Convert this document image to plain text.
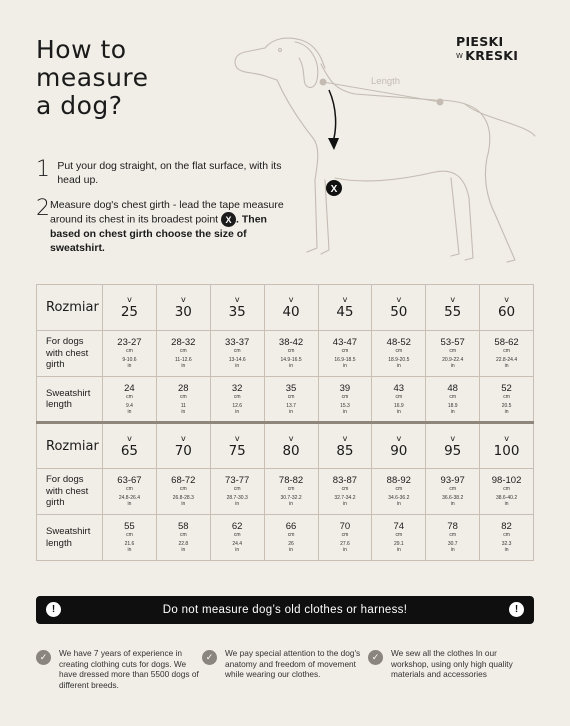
How to
measure
a dog?
PIESKI
W KRESKI
Length
X
1 Put your dog straight, on the flat surface, with its head up.
2 Measure dog's chest girth - lead the tape measure around its chest in its broadest point X . Then based on chest girth choose the size of sweatshirt.
Rozmiar	v
25	v
30	v
35	v
40	v
45	v
50	v
55	v
60
For dogs with chest girth	23-27
cm
9-10.6
in	28-32
cm
11-12.6
in	33-37
cm
13-14.6
in	38-42
cm
14.9-16.5
in	43-47
cm
16.9-18.5
in	48-52
cm
18.9-20.5
in	53-57
cm
20.9-22.4
in	58-62
cm
22.8-24.4
in

Sweatshirt length	24
cm
9.4
in	28
cm
11
in	32
cm
12.6
in	35
cm
13.7
in	39
cm
15.3
in	43
cm
16.9
in	48
cm
18.9
in	52
cm
20.5
in

Rozmiar	v
65	v
70	v
75	v
80	v
85	v
90	v
95	v
100
For dogs with chest girth	63-67
cm
24.8-26.4
in	68-72
cm
26.8-28.3
in	73-77
cm
28.7-30.3
in	78-82
cm
30.7-32.2
in	83-87
cm
32.7-34.2
in	88-92
cm
34.6-36.2
in	93-97
cm
36.6-38.2
in	98-102
cm
38.6-40.2
in

Sweatshirt length	55
cm
21.6
in	58
cm
22.8
in	62
cm
24.4
in	66
cm
26
in	70
cm
27.6
in	74
cm
29.1
in	78
cm
30.7
in	82
cm
32.3
in
!	Do not measure dog’s old clothes or harness!	!
✓	We have 7 years of experience in creating clothing cuts for dogs. We have dressed more than 5500 dogs of different breeds.
✓	We pay special attention to the dog's anatomy and freedom of movement while wearing our clothes.
✓	We sew all the clothes In our workshop, using only high quality materials and accessories
